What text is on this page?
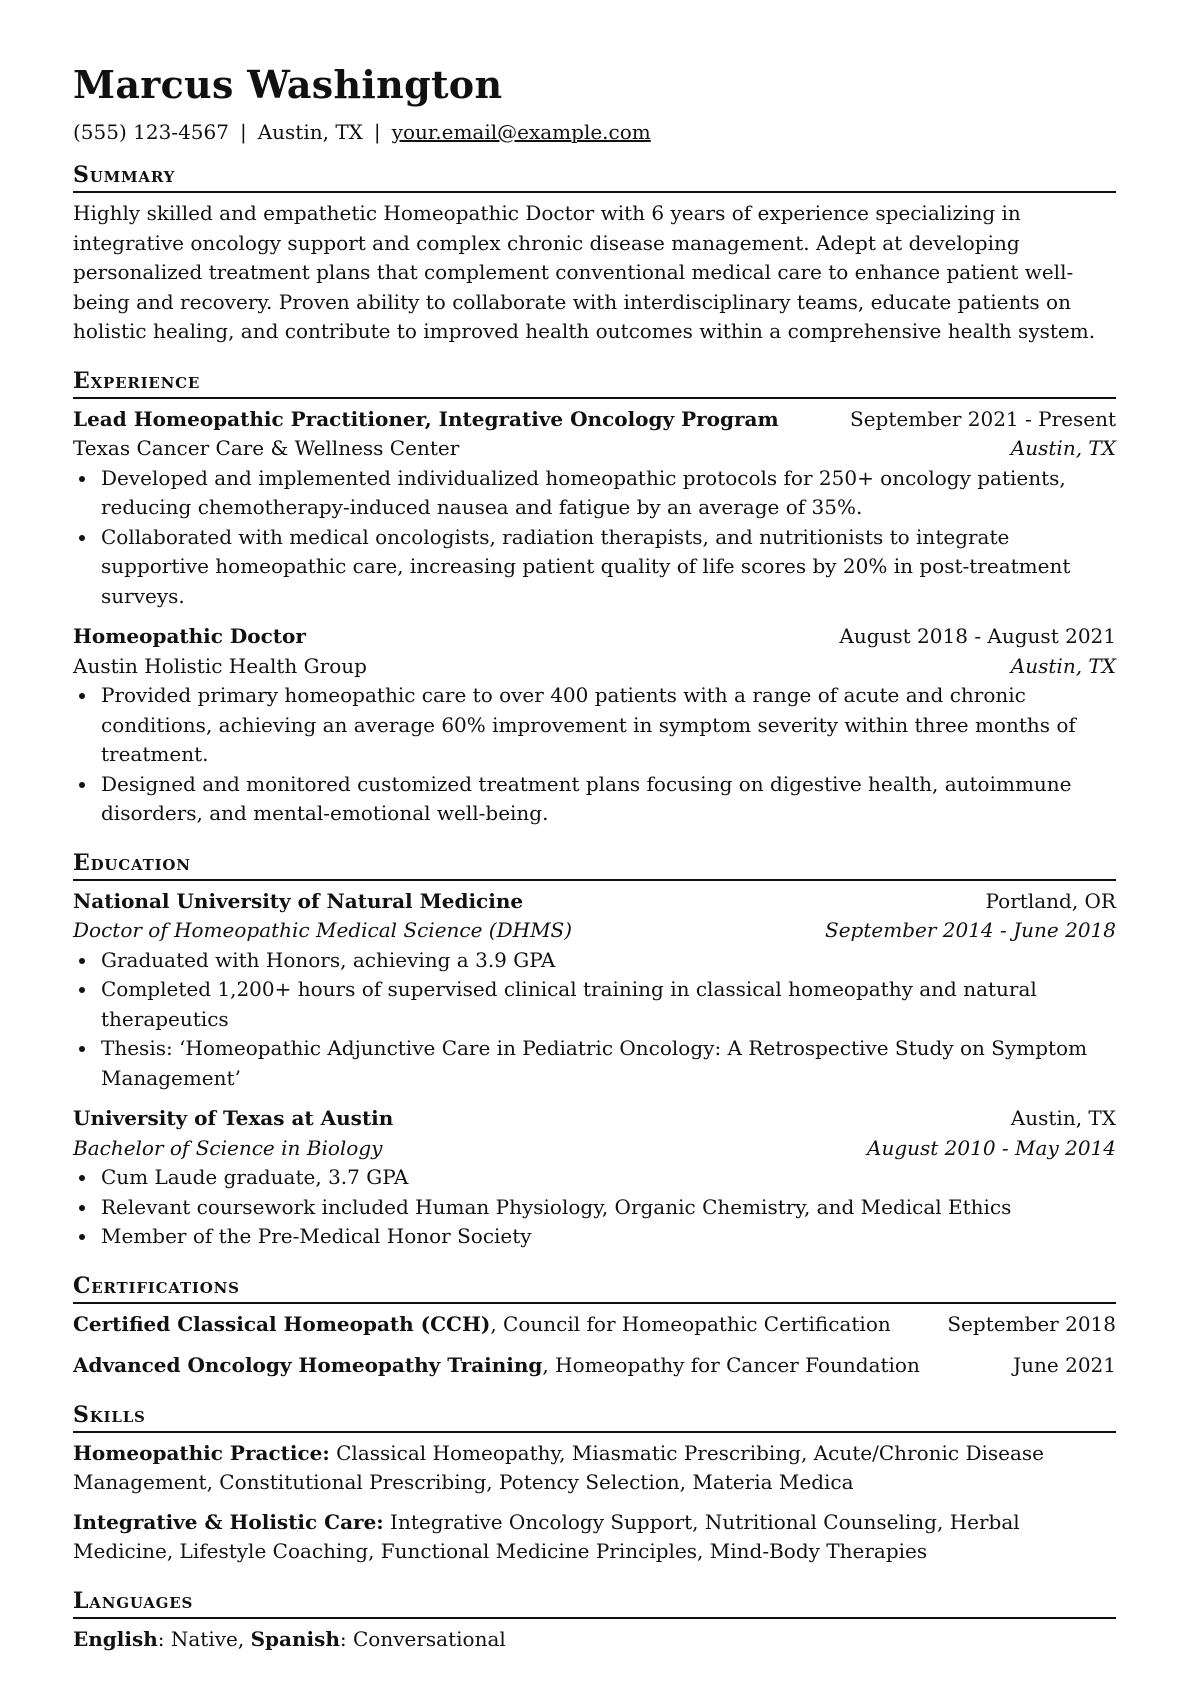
Marcus Washington
(555) 123-4567 | Austin, TX | your.email@example.com
Summary

Highly skilled and empathetic Homeopathic Doctor with 6 years of experience specializing in integrative oncology support and complex chronic disease management. Adept at developing personalized treatment plans that complement conventional medical care to enhance patient well-being and recovery. Proven ability to collaborate with interdisciplinary teams, educate patients on holistic healing, and contribute to improved health outcomes within a comprehensive health system.

Experience
Lead Homeopathic Practitioner, Integrative Oncology Program	September 2021 - Present
Texas Cancer Care & Wellness Center	Austin, TX
Developed and implemented individualized homeopathic protocols for 250+ oncology patients, reducing chemotherapy-induced nausea and fatigue by an average of 35%.
Collaborated with medical oncologists, radiation therapists, and nutritionists to integrate supportive homeopathic care, increasing patient quality of life scores by 20% in post-treatment surveys.
Homeopathic Doctor	August 2018 - August 2021
Austin Holistic Health Group	Austin, TX
Provided primary homeopathic care to over 400 patients with a range of acute and chronic conditions, achieving an average 60% improvement in symptom severity within three months of treatment.
Designed and monitored customized treatment plans focusing on digestive health, autoimmune disorders, and mental-emotional well-being.
Education
National University of Natural Medicine	Portland, OR
Doctor of Homeopathic Medical Science (DHMS)	September 2014 - June 2018
Graduated with Honors, achieving a 3.9 GPA
Completed 1,200+ hours of supervised clinical training in classical homeopathy and natural therapeutics
Thesis: ‘Homeopathic Adjunctive Care in Pediatric Oncology: A Retrospective Study on Symptom Management’
University of Texas at Austin	Austin, TX
Bachelor of Science in Biology	August 2010 - May 2014
Cum Laude graduate, 3.7 GPA
Relevant coursework included Human Physiology, Organic Chemistry, and Medical Ethics
Member of the Pre-Medical Honor Society
Certifications
Certified Classical Homeopath (CCH), Council for Homeopathic Certification	September 2018
Advanced Oncology Homeopathy Training, Homeopathy for Cancer Foundation	June 2021
Skills

Homeopathic Practice: Classical Homeopathy, Miasmatic Prescribing, Acute/Chronic Disease Management, Constitutional Prescribing, Potency Selection, Materia Medica

Integrative & Holistic Care: Integrative Oncology Support, Nutritional Counseling, Herbal Medicine, Lifestyle Coaching, Functional Medicine Principles, Mind-Body Therapies

Languages

English: Native, Spanish: Conversational
